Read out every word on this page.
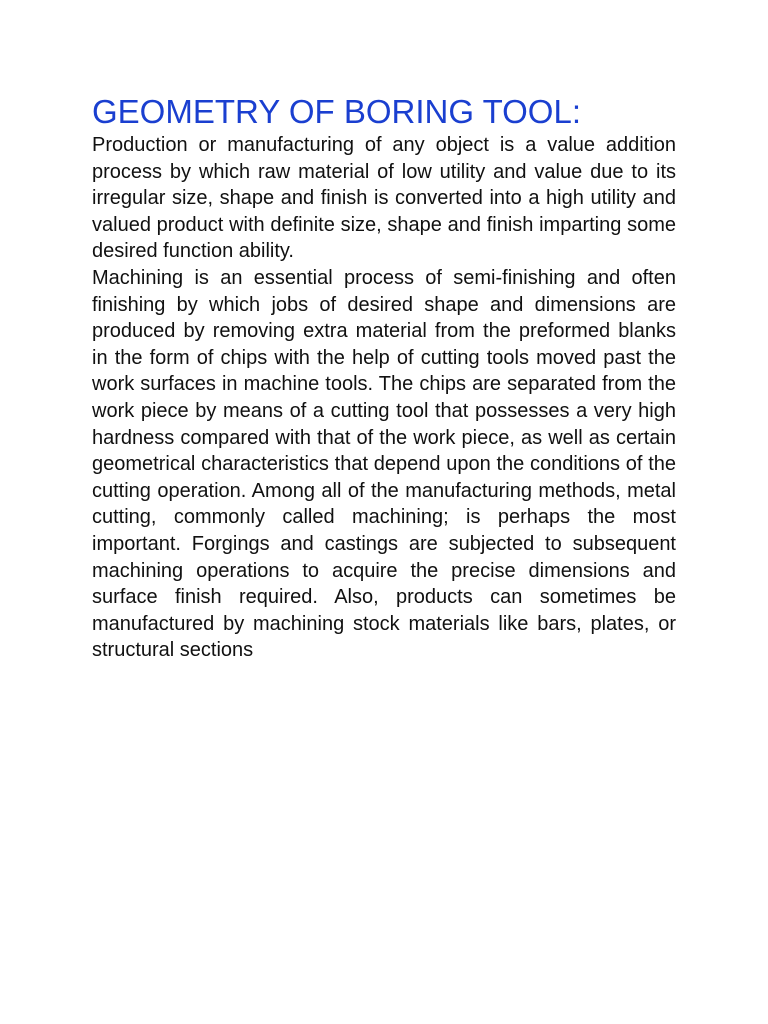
GEOMETRY OF BORING TOOL:

Production or manufacturing of any object is a value addition process by which raw material of low utility and value due to its irregular size, shape and finish is converted into a high utility and valued product with definite size, shape and finish imparting some desired function ability.

Machining is an essential process of semi-finishing and often finishing by which jobs of desired shape and dimensions are produced by removing extra material from the preformed blanks in the form of chips with the help of cutting tools moved past the work surfaces in machine tools. The chips are separated from the work piece by means of a cutting tool that possesses a very high hardness compared with that of the work piece, as well as certain geometrical characteristics that depend upon the conditions of the cutting operation. Among all of the manufacturing methods, metal cutting, commonly called machining; is perhaps the most important. Forgings and castings are subjected to subsequent machining operations to acquire the precise dimensions and surface finish required. Also, products can sometimes be manufactured by machining stock materials like bars, plates, or structural sections
